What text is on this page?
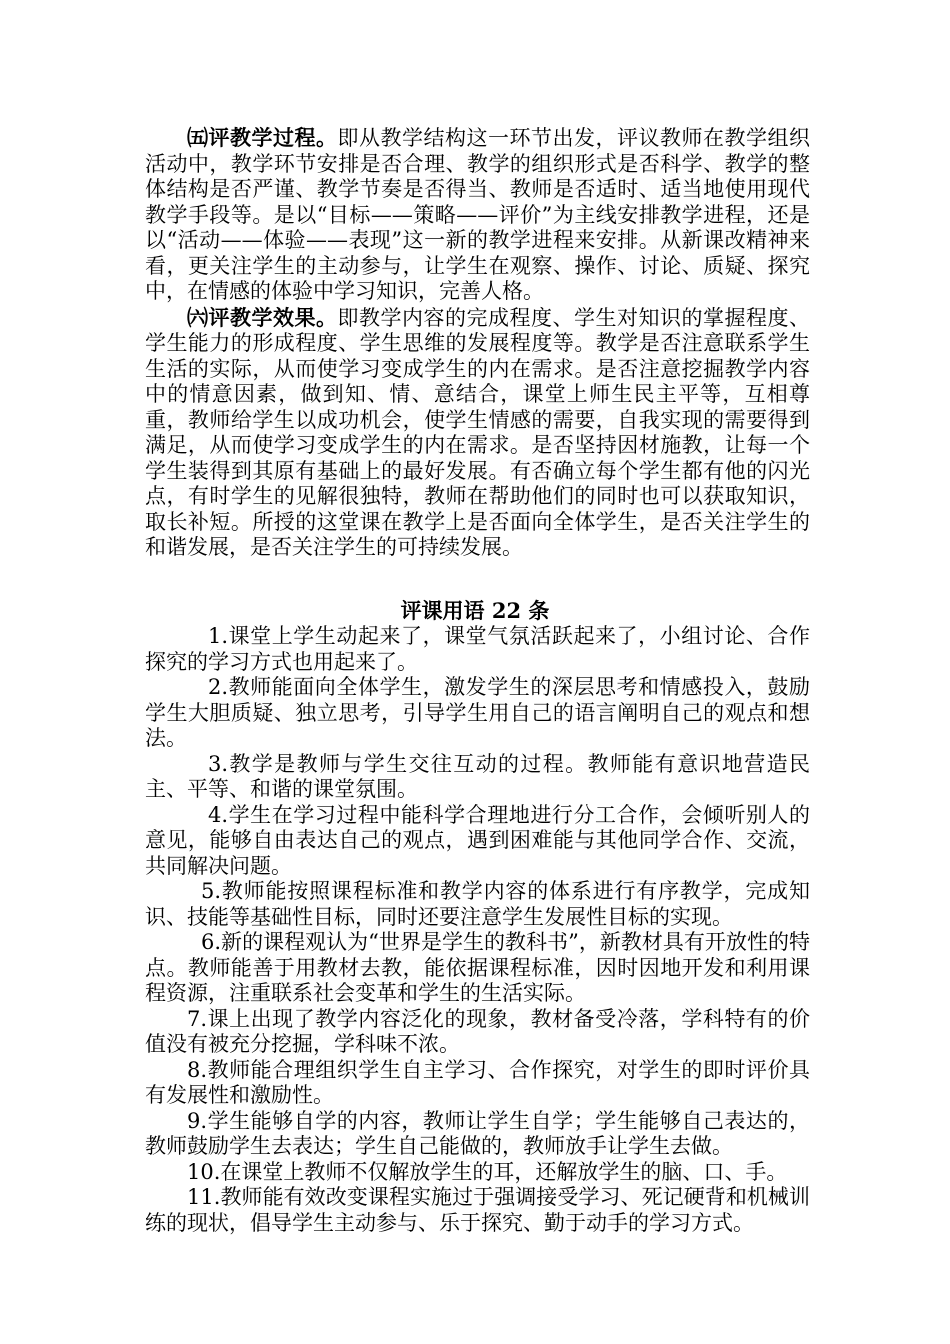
㈤评教学过程。即从教学结构这一环节出发，评议教师在教学组织活动中，教学环节安排是否合理、教学的组织形式是否科学、教学的整体结构是否严谨、教学节奏是否得当、教师是否适时、适当地使用现代教学手段等。是以“目标——策略——评价”为主线安排教学进程，还是以“活动——体验——表现”这一新的教学进程来安排。从新课改精神来看，更关注学生的主动参与，让学生在观察、操作、讨论、质疑、探究中，在情感的体验中学习知识，完善人格。

㈥评教学效果。即教学内容的完成程度、学生对知识的掌握程度、学生能力的形成程度、学生思维的发展程度等。教学是否注意联系学生生活的实际，从而使学习变成学生的内在需求。是否注意挖掘教学内容中的情意因素，做到知、情、意结合，课堂上师生民主平等，互相尊重，教师给学生以成功机会，使学生情感的需要，自我实现的需要得到满足，从而使学习变成学生的内在需求。是否坚持因材施教，让每一个学生装得到其原有基础上的最好发展。有否确立每个学生都有他的闪光点，有时学生的见解很独特，教师在帮助他们的同时也可以获取知识，取长补短。所授的这堂课在教学上是否面向全体学生，是否关注学生的和谐发展，是否关注学生的可持续发展。

评课用语 22 条

1.课堂上学生动起来了，课堂气氛活跃起来了，小组讨论、合作探究的学习方式也用起来了。

2.教师能面向全体学生，激发学生的深层思考和情感投入，鼓励学生大胆质疑、独立思考，引导学生用自己的语言阐明自己的观点和想法。

3.教学是教师与学生交往互动的过程。教师能有意识地营造民主、平等、和谐的课堂氛围。

4.学生在学习过程中能科学合理地进行分工合作，会倾听别人的意见，能够自由表达自己的观点，遇到困难能与其他同学合作、交流，共同解决问题。

5.教师能按照课程标准和教学内容的体系进行有序教学，完成知识、技能等基础性目标，同时还要注意学生发展性目标的实现。

6.新的课程观认为“世界是学生的教科书”，新教材具有开放性的特点。教师能善于用教材去教，能依据课程标准，因时因地开发和利用课程资源，注重联系社会变革和学生的生活实际。

7.课上出现了教学内容泛化的现象，教材备受冷落，学科特有的价值没有被充分挖掘，学科味不浓。

8.教师能合理组织学生自主学习、合作探究，对学生的即时评价具有发展性和激励性。

9.学生能够自学的内容，教师让学生自学；学生能够自己表达的，教师鼓励学生去表达；学生自己能做的，教师放手让学生去做。

10.在课堂上教师不仅解放学生的耳，还解放学生的脑、口、手。

11.教师能有效改变课程实施过于强调接受学习、死记硬背和机械训练的现状，倡导学生主动参与、乐于探究、勤于动手的学习方式。
